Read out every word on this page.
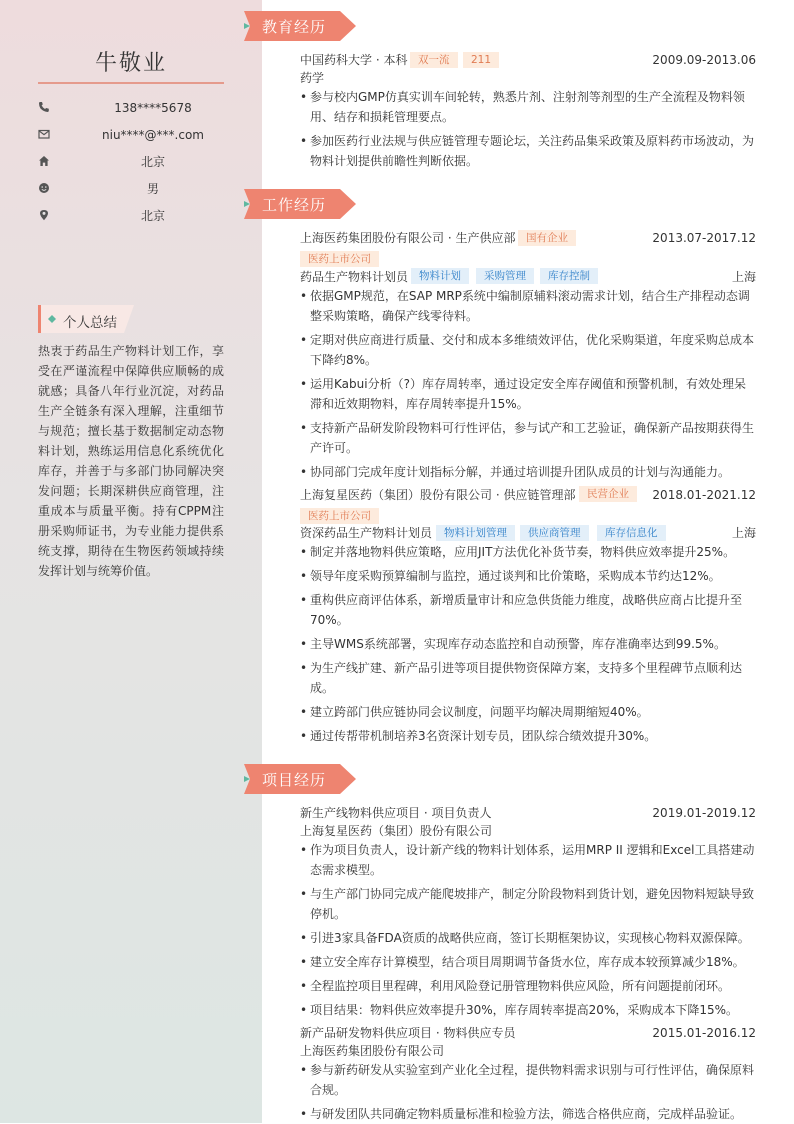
牛敬业
138****5678
niu****@***.com
北京
男
北京
个人总结
热衷于药品生产物料计划工作，享受在严谨流程中保障供应顺畅的成就感；具备八年行业沉淀，对药品生产全链条有深入理解，注重细节与规范；擅长基于数据制定动态物料计划，熟练运用信息化系统优化库存，并善于与多部门协同解决突发问题；长期深耕供应商管理，注重成本与质量平衡。持有CPPM注册采购师证书，为专业能力提供系统支撑，期待在生物医药领域持续发挥计划与统筹价值。
教育经历
中国药科大学 · 本科	双一流	211	2009.09-2013.06
药学
• 参与校内GMP仿真实训车间轮转，熟悉片剂、注射剂等剂型的生产全流程及物料领用、结存和损耗管理要点。
• 参加医药行业法规与供应链管理专题论坛，关注药品集采政策及原料药市场波动，为物料计划提供前瞻性判断依据。
工作经历
上海医药集团股份有限公司 · 生产供应部	国有企业	2013.07-2017.12
医药上市公司
药品生产物料计划员	物料计划	采购管理	库存控制	上海
• 依据GMP规范，在SAP MRP系统中编制原辅料滚动需求计划，结合生产排程动态调整采购策略，确保产线零待料。
• 定期对供应商进行质量、交付和成本多维绩效评估，优化采购渠道，年度采购总成本下降约8%。
• 运用Kabui分析（?）库存周转率，通过设定安全库存阈值和预警机制，有效处理呆滞和近效期物料，库存周转率提升15%。
• 支持新产品研发阶段物料可行性评估，参与试产和工艺验证，确保新产品按期获得生产许可。
• 协同部门完成年度计划指标分解，并通过培训提升团队成员的计划与沟通能力。
上海复星医药（集团）股份有限公司 · 供应链管理部	民营企业	2018.01-2021.12
医药上市公司
资深药品生产物料计划员	物料计划管理	供应商管理	库存信息化	上海
• 制定并落地物料供应策略，应用JIT方法优化补货节奏，物料供应效率提升25%。
• 领导年度采购预算编制与监控，通过谈判和比价策略，采购成本节约达12%。
• 重构供应商评估体系，新增质量审计和应急供货能力维度，战略供应商占比提升至70%。
• 主导WMS系统部署，实现库存动态监控和自动预警，库存准确率达到99.5%。
• 为生产线扩建、新产品引进等项目提供物资保障方案，支持多个里程碑节点顺利达成。
• 建立跨部门供应链协同会议制度，问题平均解决周期缩短40%。
• 通过传帮带机制培养3名资深计划专员，团队综合绩效提升30%。
项目经历
新生产线物料供应项目 · 项目负责人	2019.01-2019.12
上海复星医药（集团）股份有限公司
• 作为项目负责人，设计新产线的物料计划体系，运用MRP II 逻辑和Excel工具搭建动态需求模型。
• 与生产部门协同完成产能爬坡排产，制定分阶段物料到货计划，避免因物料短缺导致停机。
• 引进3家具备FDA资质的战略供应商，签订长期框架协议，实现核心物料双源保障。
• 建立安全库存计算模型，结合项目周期调节备货水位，库存成本较预算减少18%。
• 全程监控项目里程碑，利用风险登记册管理物料供应风险，所有问题提前闭环。
• 项目结果：物料供应效率提升30%，库存周转率提高20%，采购成本下降15%。
新产品研发物料供应项目 · 物料供应专员	2015.01-2016.12
上海医药集团股份有限公司
• 参与新药研发从实验室到产业化全过程，提供物料需求识别与可行性评估，确保原料合规。
• 与研发团队共同确定物料质量标准和检验方法，筛选合格供应商，完成样品验证。
